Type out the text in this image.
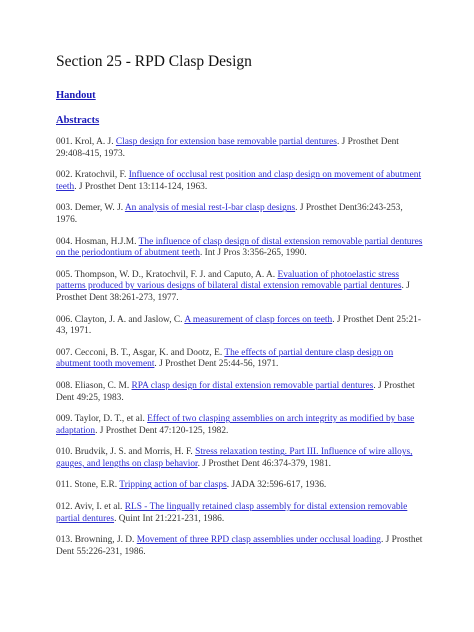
Section 25 - RPD Clasp Design
Handout
Abstracts

001. Krol, A. J. Clasp design for extension base removable partial dentures. J Prosthet Dent 29:408-415, 1973.

002. Kratochvil, F. Influence of occlusal rest position and clasp design on movement of abutment teeth. J Prosthet Dent 13:114-124, 1963.

003. Demer, W. J. An analysis of mesial rest-I-bar clasp designs. J Prosthet Dent36:243-253, 1976.

004. Hosman, H.J.M. The influence of clasp design of distal extension removable partial dentures on the periodontium of abutment teeth. Int J Pros 3:356-265, 1990.

005. Thompson, W. D., Kratochvil, F. J. and Caputo, A. A. Evaluation of photoelastic stress patterns produced by various designs of bilateral distal extension removable partial dentures. J Prosthet Dent 38:261-273, 1977.

006. Clayton, J. A. and Jaslow, C. A measurement of clasp forces on teeth. J Prosthet Dent 25:21-43, 1971.

007. Cecconi, B. T., Asgar, K. and Dootz, E. The effects of partial denture clasp design on abutment tooth movement. J Prosthet Dent 25:44-56, 1971.

008. Eliason, C. M. RPA clasp design for distal extension removable partial dentures. J Prosthet Dent 49:25, 1983.

009. Taylor, D. T., et al. Effect of two clasping assemblies on arch integrity as modified by base adaptation. J Prosthet Dent 47:120-125, 1982.

010. Brudvik, J. S. and Morris, H. F. Stress relaxation testing. Part III. Influence of wire alloys, gauges, and lengths on clasp behavior. J Prosthet Dent 46:374-379, 1981.

011. Stone, E.R. Tripping action of bar clasps. JADA 32:596-617, 1936.

012. Aviv, I. et al. RLS - The lingually retained clasp assembly for distal extension removable partial dentures. Quint Int 21:221-231, 1986.

013. Browning, J. D. Movement of three RPD clasp assemblies under occlusal loading. J Prosthet Dent 55:226-231, 1986.
